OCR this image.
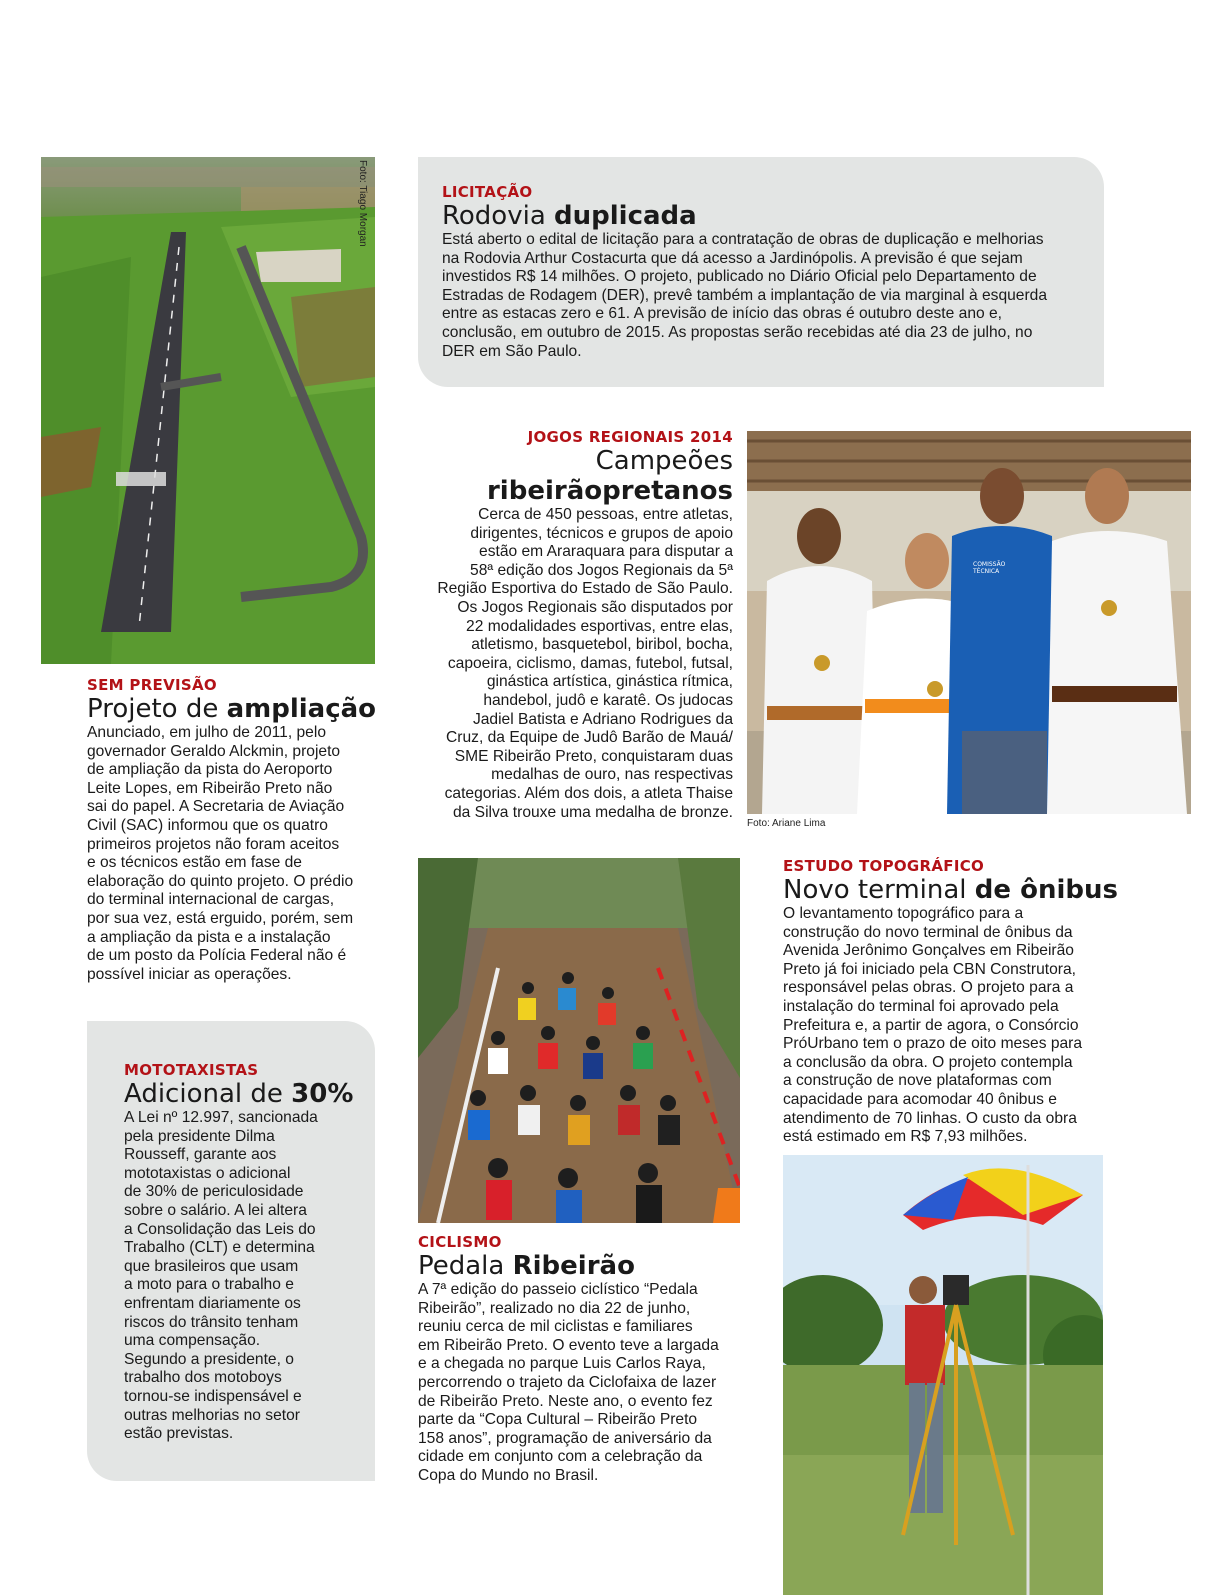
Foto: Tiago Morgan	LICITAÇÃO
Rodovia duplicada
Está aberto o edital de licitação para a contratação de obras de duplicação e melhorias
na Rodovia Arthur Costacurta que dá acesso a Jardinópolis. A previsão é que sejam
investidos R$ 14 milhões. O projeto, publicado no Diário Oficial pelo Departamento de
Estradas de Rodagem (DER), prevê também a implantação de via marginal à esquerda
entre as estacas zero e 61. A previsão de início das obras é outubro deste ano e,
conclusão, em outubro de 2015. As propostas serão recebidas até dia 23 de julho, no
DER em São Paulo.
JOGOS REGIONAIS 2014
Campeões
ribeirãopretanos
Cerca de 450 pessoas, entre atletas,
dirigentes, técnicos e grupos de apoio
estão em Araraquara para disputar a
58ª edição dos Jogos Regionais da 5ª
Região Esportiva do Estado de São Paulo.
Os Jogos Regionais são disputados por
22 modalidades esportivas, entre elas,
atletismo, basquetebol, biribol, bocha,
capoeira, ciclismo, damas, futebol, futsal,
ginástica artística, ginástica rítmica,
handebol, judô e karatê. Os judocas
Jadiel Batista e Adriano Rodrigues da
Cruz, da Equipe de Judô Barão de Mauá/
SME Ribeirão Preto, conquistaram duas
medalhas de ouro, nas respectivas
categorias. Além dos dois, a atleta Thaise
da Silva trouxe uma medalha de bronze.
COMISSÃO TÉCNICA
Foto: Ariane Lima
SEM PREVISÃO
Projeto de ampliação
Anunciado, em julho de 2011, pelo
governador Geraldo Alckmin, projeto
de ampliação da pista do Aeroporto
Leite Lopes, em Ribeirão Preto não
sai do papel. A Secretaria de Aviação
Civil (SAC) informou que os quatro
primeiros projetos não foram aceitos
e os técnicos estão em fase de
elaboração do quinto projeto. O prédio
do terminal internacional de cargas,
por sua vez, está erguido, porém, sem
a ampliação da pista e a instalação
de um posto da Polícia Federal não é
possível iniciar as operações.
MOTOTAXISTAS
Adicional de 30%
A Lei nº 12.997, sancionada
pela presidente Dilma
Rousseff, garante aos
mototaxistas o adicional
de 30% de periculosidade
sobre o salário. A lei altera
a Consolidação das Leis do
Trabalho (CLT) e determina
que brasileiros que usam
a moto para o trabalho e
enfrentam diariamente os
riscos do trânsito tenham
uma compensação.
Segundo a presidente, o
trabalho dos motoboys
tornou-se indispensável e
outras melhorias no setor
estão previstas.
CICLISMO
Pedala Ribeirão
A 7ª edição do passeio ciclístico “Pedala
Ribeirão”, realizado no dia 22 de junho,
reuniu cerca de mil ciclistas e familiares
em Ribeirão Preto. O evento teve a largada
e a chegada no parque Luis Carlos Raya,
percorrendo o trajeto da Ciclofaixa de lazer
de Ribeirão Preto. Neste ano, o evento fez
parte da “Copa Cultural – Ribeirão Preto
158 anos”, programação de aniversário da
cidade em conjunto com a celebração da
Copa do Mundo no Brasil.
ESTUDO TOPOGRÁFICO
Novo terminal de ônibus
O levantamento topográfico para a
construção do novo terminal de ônibus da
Avenida Jerônimo Gonçalves em Ribeirão
Preto já foi iniciado pela CBN Construtora,
responsável pelas obras. O projeto para a
instalação do terminal foi aprovado pela
Prefeitura e, a partir de agora, o Consórcio
PróUrbano tem o prazo de oito meses para
a conclusão da obra. O projeto contempla
a construção de nove plataformas com
capacidade para acomodar 40 ônibus e
atendimento de 70 linhas. O custo da obra
está estimado em R$ 7,93 milhões.
